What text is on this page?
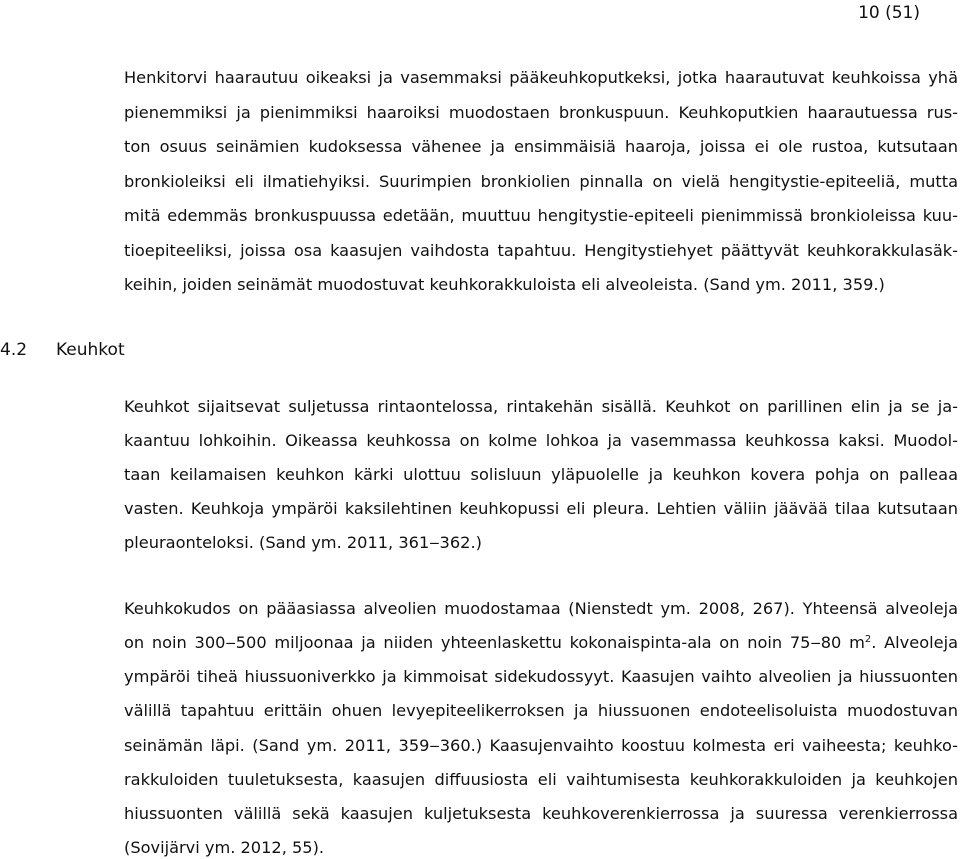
10 (51)
Henkitorvi haarautuu oikeaksi ja vasemmaksi pääkeuhkoputkeksi, jotka haarautuvat keuhkoissa yhä
pienemmiksi ja pienimmiksi haaroiksi muodostaen bronkuspuun. Keuhkoputkien haarautuessa rus-
ton osuus seinämien kudoksessa vähenee ja ensimmäisiä haaroja, joissa ei ole rustoa, kutsutaan
bronkioleiksi eli ilmatiehyiksi. Suurimpien bronkiolien pinnalla on vielä hengitystie-epiteeliä, mutta
mitä edemmäs bronkuspuussa edetään, muuttuu hengitystie-epiteeli pienimmissä bronkioleissa kuu-
tioepiteeliksi, joissa osa kaasujen vaihdosta tapahtuu. Hengitystiehyet päättyvät keuhkorakkulasäk-
keihin, joiden seinämät muodostuvat keuhkorakkuloista eli alveoleista. (Sand ym. 2011, 359.)
4.2 Keuhkot
Keuhkot sijaitsevat suljetussa rintaontelossa, rintakehän sisällä. Keuhkot on parillinen elin ja se ja-
kaantuu lohkoihin. Oikeassa keuhkossa on kolme lohkoa ja vasemmassa keuhkossa kaksi. Muodol-
taan keilamaisen keuhkon kärki ulottuu solisluun yläpuolelle ja keuhkon kovera pohja on palleaa
vasten. Keuhkoja ympäröi kaksilehtinen keuhkopussi eli pleura. Lehtien väliin jäävää tilaa kutsutaan
pleuraonteloksi. (Sand ym. 2011, 361‒362.)
Keuhkokudos on pääasiassa alveolien muodostamaa (Nienstedt ym. 2008, 267). Yhteensä alveoleja
on noin 300‒500 miljoonaa ja niiden yhteenlaskettu kokonaispinta-ala on noin 75‒80 $m^2$. Alveoleja
ympäröi tiheä hiussuoniverkko ja kimmoisat sidekudossyyt. Kaasujen vaihto alveolien ja hiussuonten
välillä tapahtuu erittäin ohuen levyepiteelikerroksen ja hiussuonen endoteelisoluista muodostuvan
seinämän läpi. (Sand ym. 2011, 359‒360.) Kaasujenvaihto koostuu kolmesta eri vaiheesta; keuhko-
rakkuloiden tuuletuksesta, kaasujen diffuusiosta eli vaihtumisesta keuhkorakkuloiden ja keuhkojen
hiussuonten välillä sekä kaasujen kuljetuksesta keuhkoverenkierrossa ja suuressa verenkierrossa
(Sovijärvi ym. 2012, 55).
